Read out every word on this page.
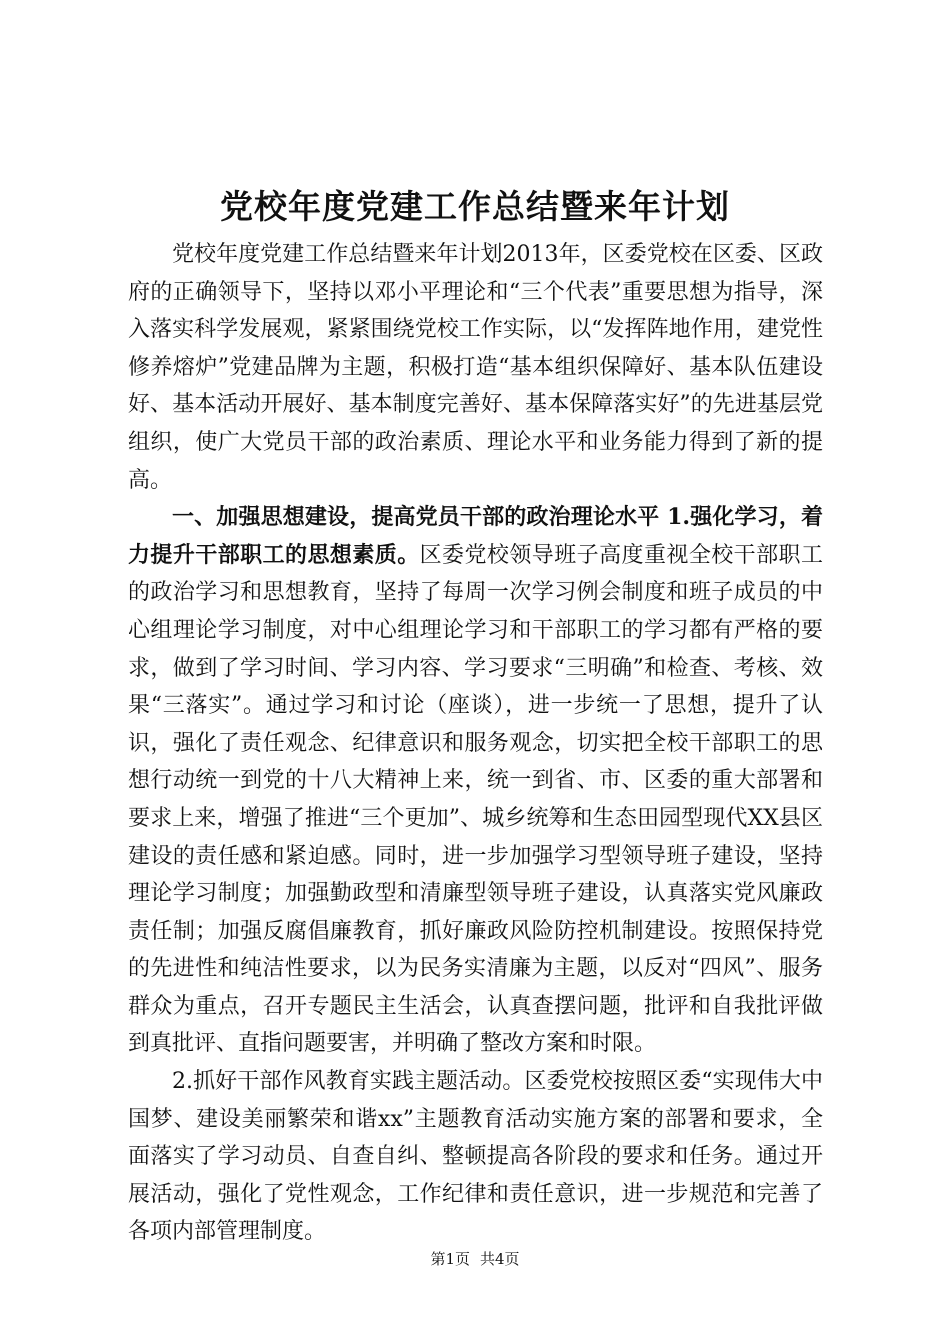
党校年度党建工作总结暨来年计划

党校年度党建工作总结暨来年计划2013年，区委党校在区委、区政府的正确领导下，坚持以邓小平理论和“三个代表”重要思想为指导，深入落实科学发展观，紧紧围绕党校工作实际，以“发挥阵地作用，建党性修养熔炉”党建品牌为主题，积极打造“基本组织保障好、基本队伍建设好、基本活动开展好、基本制度完善好、基本保障落实好”的先进基层党组织，使广大党员干部的政治素质、理论水平和业务能力得到了新的提高。

一、加强思想建设，提高党员干部的政治理论水平 1.强化学习，着力提升干部职工的思想素质。区委党校领导班子高度重视全校干部职工的政治学习和思想教育，坚持了每周一次学习例会制度和班子成员的中心组理论学习制度，对中心组理论学习和干部职工的学习都有严格的要求，做到了学习时间、学习内容、学习要求“三明确”和检查、考核、效果“三落实”。通过学习和讨论（座谈），进一步统一了思想，提升了认识，强化了责任观念、纪律意识和服务观念，切实把全校干部职工的思想行动统一到党的十八大精神上来，统一到省、市、区委的重大部署和要求上来，增强了推进“三个更加”、城乡统筹和生态田园型现代XX县区建设的责任感和紧迫感。同时，进一步加强学习型领导班子建设，坚持理论学习制度；加强勤政型和清廉型领导班子建设，认真落实党风廉政责任制；加强反腐倡廉教育，抓好廉政风险防控机制建设。按照保持党的先进性和纯洁性要求，以为民务实清廉为主题，以反对“四风”、服务群众为重点，召开专题民主生活会，认真查摆问题，批评和自我批评做到真批评、直指问题要害，并明确了整改方案和时限。

2.抓好干部作风教育实践主题活动。区委党校按照区委“实现伟大中国梦、建设美丽繁荣和谐xx”主题教育活动实施方案的部署和要求，全面落实了学习动员、自查自纠、整顿提高各阶段的要求和任务。通过开展活动，强化了党性观念，工作纪律和责任意识，进一步规范和完善了各项内部管理制度。

第1页 共4页
